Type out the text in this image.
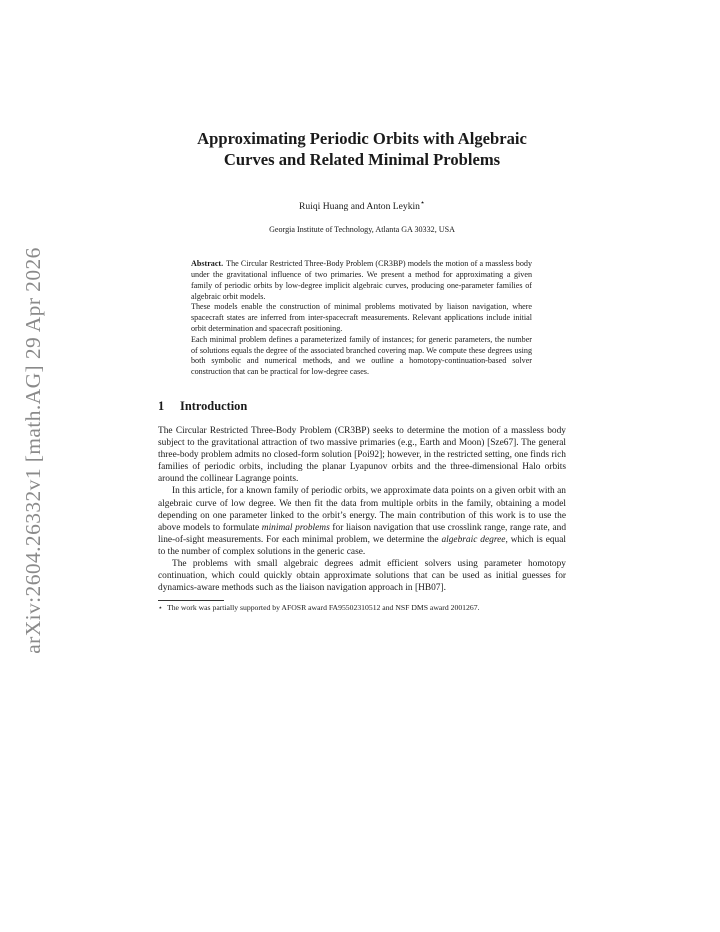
arXiv:2604.26332v1 [math.AG] 29 Apr 2026
Approximating Periodic Orbits with Algebraic
Curves and Related Minimal Problems
Ruiqi Huang and Anton Leykin⋆
Georgia Institute of Technology, Atlanta GA 30332, USA

Abstract. The Circular Restricted Three-Body Problem (CR3BP) models the motion of a massless body under the gravitational influence of two primaries. We present a method for approximating a given family of periodic orbits by low-degree implicit algebraic curves, producing one-parameter families of algebraic orbit models.

These models enable the construction of minimal problems motivated by liaison navigation, where spacecraft states are inferred from inter-spacecraft measurements. Relevant applications include initial orbit determination and spacecraft positioning.

Each minimal problem defines a parameterized family of instances; for generic parameters, the number of solutions equals the degree of the associated branched covering map. We compute these degrees using both symbolic and numerical methods, and we outline a homotopy-continuation-based solver construction that can be practical for low-degree cases.

1	Introduction

The Circular Restricted Three-Body Problem (CR3BP) seeks to determine the motion of a massless body subject to the gravitational attraction of two massive primaries (e.g., Earth and Moon) [Sze67]. The general three-body problem admits no closed-form solution [Poi92]; however, in the restricted setting, one finds rich families of periodic orbits, including the planar Lyapunov orbits and the three-dimensional Halo orbits around the collinear Lagrange points.

In this article, for a known family of periodic orbits, we approximate data points on a given orbit with an algebraic curve of low degree. We then fit the data from multiple orbits in the family, obtaining a model depending on one parameter linked to the orbit’s energy. The main contribution of this work is to use the above models to formulate minimal problems for liaison navigation that use crosslink range, range rate, and line-of-sight measurements. For each minimal problem, we determine the algebraic degree, which is equal to the number of complex solutions in the generic case.

The problems with small algebraic degrees admit efficient solvers using parameter homotopy continuation, which could quickly obtain approximate solutions that can be used as initial guesses for dynamics-aware methods such as the liaison navigation approach in [HB07].

⋆ The work was partially supported by AFOSR award FA95502310512 and NSF DMS award 2001267.
